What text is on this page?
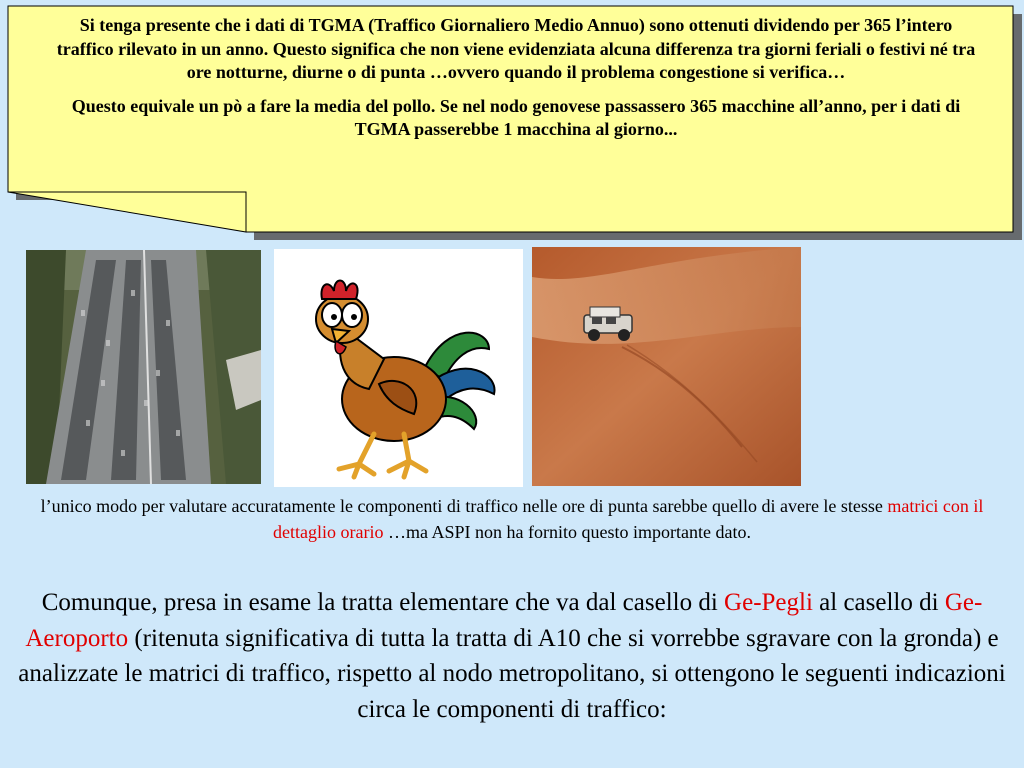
Si tenga presente che i dati di TGMA (Traffico Giornaliero Medio Annuo) sono ottenuti dividendo per 365 l’intero traffico rilevato in un anno. Questo significa che non viene evidenziata alcuna differenza tra giorni feriali o festivi né tra ore notturne, diurne o di punta …ovvero quando il problema congestione si verifica…

Questo equivale un pò a fare la media del pollo. Se nel nodo genovese passassero 365 macchine all’anno, per i dati di TGMA passerebbe 1 macchina al giorno...

l’unico modo per valutare accuratamente le componenti di traffico nelle ore di punta sarebbe quello di avere le stesse matrici con il dettaglio orario …ma ASPI non ha fornito questo importante dato.
Comunque, presa in esame la tratta elementare che va dal casello di Ge-Pegli al casello di Ge-Aeroporto (ritenuta significativa di tutta la tratta di A10 che si vorrebbe sgravare con la gronda) e analizzate le matrici di traffico, rispetto al nodo metropolitano, si ottengono le seguenti indicazioni circa le componenti di traffico:
